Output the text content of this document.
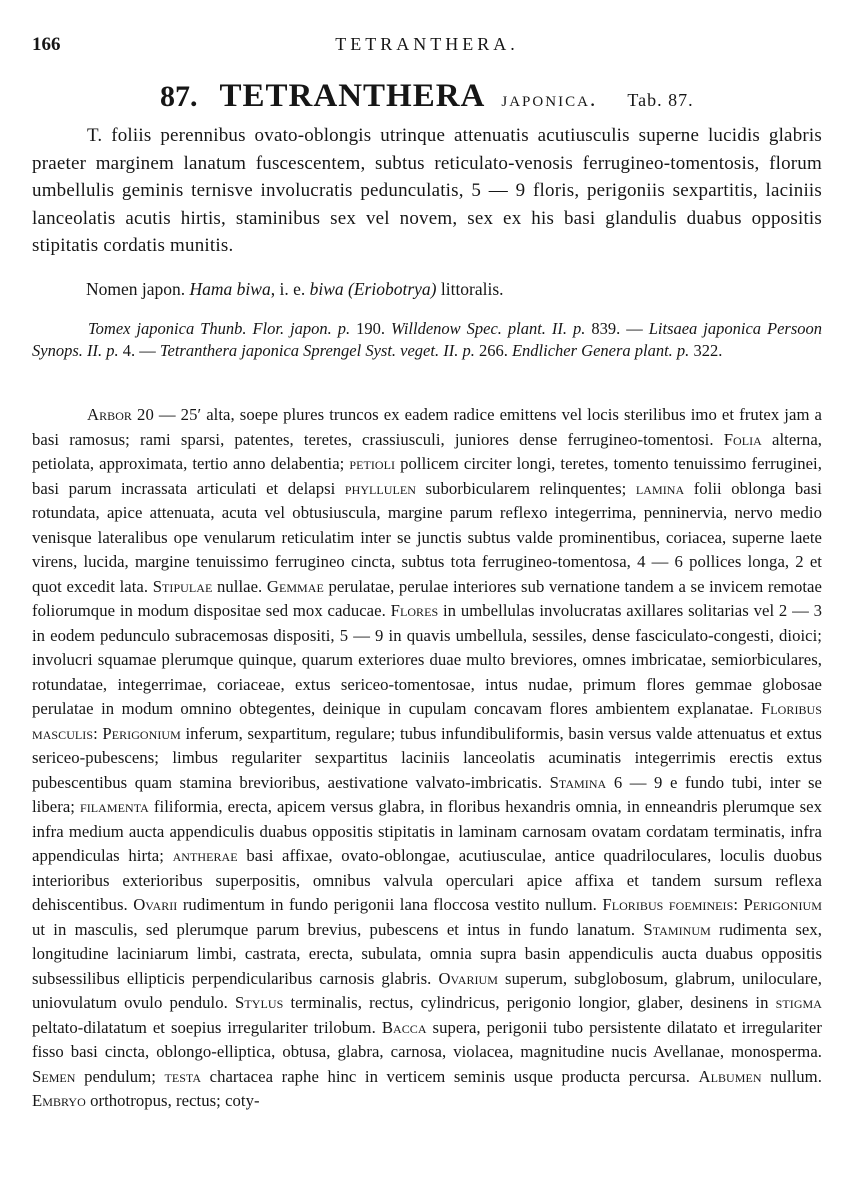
166	TETRANTHERA.
87. TETRANTHERA japonica. Tab. 87.

T. foliis perennibus ovato-oblongis utrinque attenuatis acutiusculis superne lucidis glabris praeter marginem lanatum fuscescentem, subtus reticulato-venosis ferrugineo-tomentosis, florum umbellulis geminis ternisve involucratis pedunculatis, 5 — 9 floris, perigoniis sexpartitis, laciniis lanceolatis acutis hirtis, staminibus sex vel novem, sex ex his basi glandulis duabus oppositis stipitatis cordatis munitis.

Nomen japon. Hama biwa, i. e. biwa (Eriobotrya) littoralis.

Tomex japonica Thunb. Flor. japon. p. 190. Willdenow Spec. plant. II. p. 839. — Litsaea japonica Persoon Synops. II. p. 4. — Tetranthera japonica Sprengel Syst. veget. II. p. 266. Endlicher Genera plant. p. 322.

Arbor 20 — 25′ alta, soepe plures truncos ex eadem radice emittens vel locis sterilibus imo et frutex jam a basi ramosus; rami sparsi, patentes, teretes, crassiusculi, juniores dense ferrugineo-tomentosi. Folia alterna, petiolata, approximata, tertio anno delabentia; petioli pollicem circiter longi, teretes, tomento tenuissimo ferruginei, basi parum incrassata articulati et delapsi phyllulen suborbicularem relinquentes; lamina folii oblonga basi rotundata, apice attenuata, acuta vel obtusiuscula, margine parum reflexo integerrima, penninervia, nervo medio venisque lateralibus ope venularum reticulatim inter se junctis subtus valde prominentibus, coriacea, superne laete virens, lucida, margine tenuissimo ferrugineo cincta, subtus tota ferrugineo-tomentosa, 4 — 6 pollices longa, 2 et quot excedit lata. Stipulae nullae. Gemmae perulatae, perulae interiores sub vernatione tandem a se invicem remotae foliorumque in modum dispositae sed mox caducae. Flores in umbellulas involucratas axillares solitarias vel 2 — 3 in eodem pedunculo subracemosas dispositi, 5 — 9 in quavis umbellula, sessiles, dense fasciculato-congesti, dioici; involucri squamae plerumque quinque, quarum exteriores duae multo breviores, omnes imbricatae, semiorbiculares, rotundatae, integerrimae, coriaceae, extus sericeo-tomentosae, intus nudae, primum flores gemmae globosae perulatae in modum omnino obtegentes, deinique in cupulam concavam flores ambientem explanatae. Floribus masculis: Perigonium inferum, sexpartitum, regulare; tubus infundibuliformis, basin versus valde attenuatus et extus sericeo-pubescens; limbus regulariter sexpartitus laciniis lanceolatis acuminatis integerrimis erectis extus pubescentibus quam stamina brevioribus, aestivatione valvato-imbricatis. Stamina 6 — 9 e fundo tubi, inter se libera; filamenta filiformia, erecta, apicem versus glabra, in floribus hexandris omnia, in enneandris plerumque sex infra medium aucta appendiculis duabus oppositis stipitatis in laminam carnosam ovatam cordatam terminatis, infra appendiculas hirta; antherae basi affixae, ovato-oblongae, acutiusculae, antice quadriloculares, loculis duobus interioribus exterioribus superpositis, omnibus valvula operculari apice affixa et tandem sursum reflexa dehiscentibus. Ovarii rudimentum in fundo perigonii lana floccosa vestito nullum. Floribus foemineis: Perigonium ut in masculis, sed plerumque parum brevius, pubescens et intus in fundo lanatum. Staminum rudimenta sex, longitudine laciniarum limbi, castrata, erecta, subulata, omnia supra basin appendiculis aucta duabus oppositis subsessilibus ellipticis perpendicularibus carnosis glabris. Ovarium superum, subglobosum, glabrum, uniloculare, uniovulatum ovulo pendulo. Stylus terminalis, rectus, cylindricus, perigonio longior, glaber, desinens in stigma peltato-dilatatum et soepius irregulariter trilobum. Bacca supera, perigonii tubo persistente dilatato et irregulariter fisso basi cincta, oblongo-elliptica, obtusa, glabra, carnosa, violacea, magnitudine nucis Avellanae, monosperma. Semen pendulum; testa chartacea raphe hinc in verticem seminis usque producta percursa. Albumen nullum. Embryo orthotropus, rectus; coty-
